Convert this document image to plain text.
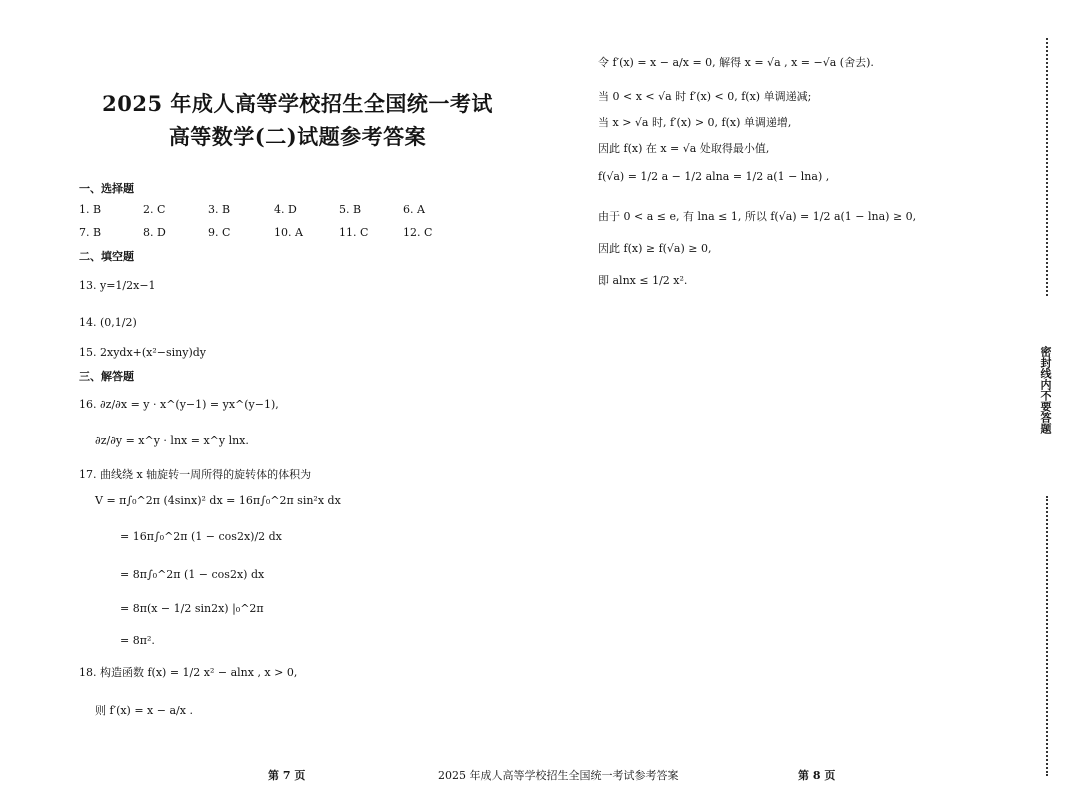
2025 年成人高等学校招生全国统一考试
高等数学(二)试题参考答案
一、选择题
1. B	2. C	3. B	4. D	5. B	6. A
7. B	8. D	9. C	10. A	11. C	12. C
二、填空题
13. y=1/2x−1
14. (0,1/2)
15. 2xydx+(x²−siny)dy
三、解答题
16. ∂z/∂x = y · x^(y−1) = yx^(y−1),
∂z/∂y = x^y · lnx = x^y lnx.
17. 曲线绕 x 轴旋转一周所得的旋转体的体积为
V = π∫₀^2π (4sinx)² dx = 16π∫₀^2π sin²x dx
= 16π∫₀^2π (1 − cos2x)/2 dx
= 8π∫₀^2π (1 − cos2x) dx
= 8π(x − 1/2 sin2x) |₀^2π
= 8π².
18. 构造函数 f(x) = 1/2 x² − alnx , x > 0,
则 f′(x) = x − a/x .
令 f′(x) = x − a/x = 0, 解得 x = √a , x = −√a (舍去).
当 0 < x < √a 时 f′(x) < 0, f(x) 单调递减;
当 x > √a 时, f′(x) > 0, f(x) 单调递增,
因此 f(x) 在 x = √a 处取得最小值,
f(√a) = 1/2 a − 1/2 alna = 1/2 a(1 − lna) ,
由于 0 < a ≤ e, 有 lna ≤ 1, 所以 f(√a) = 1/2 a(1 − lna) ≥ 0,
因此 f(x) ≥ f(√a) ≥ 0,
即 alnx ≤ 1/2 x².
第 7 页	2025 年成人高等学校招生全国统一考试参考答案	第 8 页
密封线内不要答题
